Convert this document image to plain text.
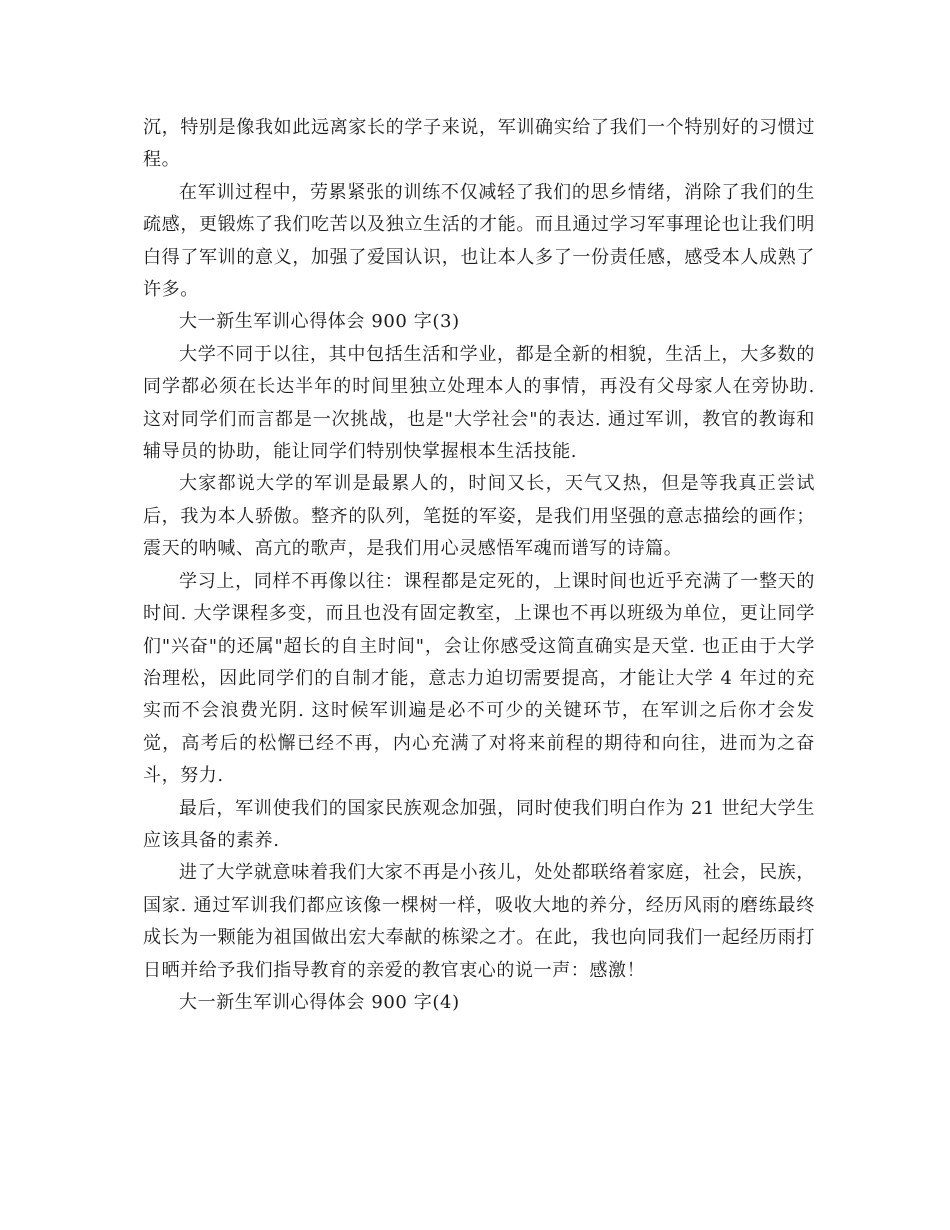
沉，特别是像我如此远离家长的学子来说，军训确实给了我们一个特别好的习惯过程。

在军训过程中，劳累紧张的训练不仅减轻了我们的思乡情绪，消除了我们的生疏感，更锻炼了我们吃苦以及独立生活的才能。而且通过学习军事理论也让我们明白得了军训的意义，加强了爱国认识，也让本人多了一份责任感，感受本人成熟了许多。

大一新生军训心得体会 900 字(3)

大学不同于以往，其中包括生活和学业，都是全新的相貌，生活上，大多数的同学都必须在长达半年的时间里独立处理本人的事情，再没有父母家人在旁协助. 这对同学们而言都是一次挑战，也是"大学社会"的表达. 通过军训，教官的教诲和辅导员的协助，能让同学们特别快掌握根本生活技能.

大家都说大学的军训是最累人的，时间又长，天气又热，但是等我真正尝试后，我为本人骄傲。整齐的队列，笔挺的军姿，是我们用坚强的意志描绘的画作；震天的呐喊、高亢的歌声，是我们用心灵感悟军魂而谱写的诗篇。

学习上，同样不再像以往：课程都是定死的，上课时间也近乎充满了一整天的时间. 大学课程多变，而且也没有固定教室，上课也不再以班级为单位，更让同学们"兴奋"的还属"超长的自主时间"，会让你感受这简直确实是天堂. 也正由于大学治理松，因此同学们的自制才能，意志力迫切需要提高，才能让大学 4 年过的充实而不会浪费光阴. 这时候军训遍是必不可少的关键环节，在军训之后你才会发觉，高考后的松懈已经不再，内心充满了对将来前程的期待和向往，进而为之奋斗，努力.

最后，军训使我们的国家民族观念加强，同时使我们明白作为 21 世纪大学生应该具备的素养.

进了大学就意味着我们大家不再是小孩儿，处处都联络着家庭，社会，民族，国家. 通过军训我们都应该像一棵树一样，吸收大地的养分，经历风雨的磨练最终成长为一颗能为祖国做出宏大奉献的栋梁之才。在此，我也向同我们一起经历雨打日晒并给予我们指导教育的亲爱的教官衷心的说一声：感激！

大一新生军训心得体会 900 字(4)
